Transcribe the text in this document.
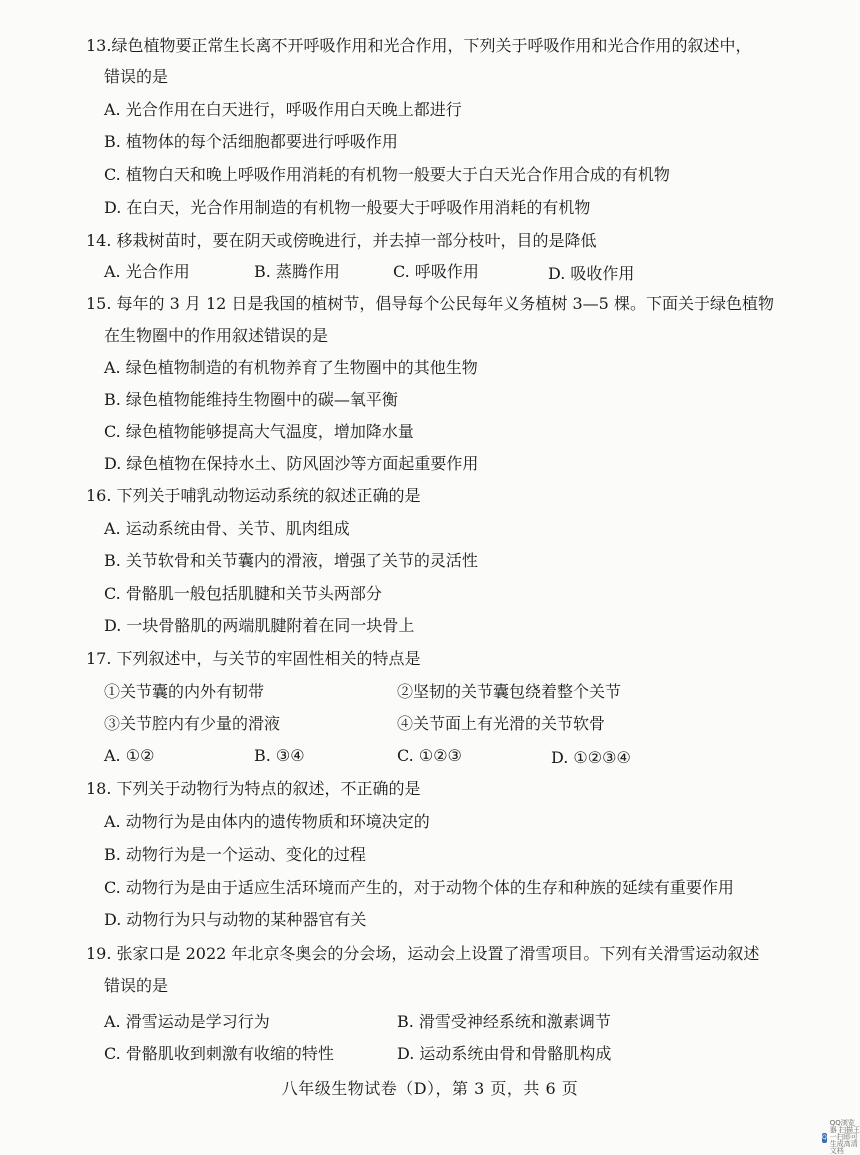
13.绿色植物要正常生长离不开呼吸作用和光合作用，下列关于呼吸作用和光合作用的叙述中，
错误的是
A. 光合作用在白天进行，呼吸作用白天晚上都进行
B. 植物体的每个活细胞都要进行呼吸作用
C. 植物白天和晚上呼吸作用消耗的有机物一般要大于白天光合作用合成的有机物
D. 在白天，光合作用制造的有机物一般要大于呼吸作用消耗的有机物
14. 移栽树苗时，要在阴天或傍晚进行，并去掉一部分枝叶，目的是降低
A. 光合作用	B. 蒸腾作用	C. 呼吸作用	D. 吸收作用
15. 每年的 3 月 12 日是我国的植树节，倡导每个公民每年义务植树 3—5 棵。下面关于绿色植物
在生物圈中的作用叙述错误的是
A. 绿色植物制造的有机物养育了生物圈中的其他生物
B. 绿色植物能维持生物圈中的碳—氧平衡
C. 绿色植物能够提高大气温度，增加降水量
D. 绿色植物在保持水土、防风固沙等方面起重要作用
16. 下列关于哺乳动物运动系统的叙述正确的是
A. 运动系统由骨、关节、肌肉组成
B. 关节软骨和关节囊内的滑液，增强了关节的灵活性
C. 骨骼肌一般包括肌腱和关节头两部分
D. 一块骨骼肌的两端肌腱附着在同一块骨上
17. 下列叙述中，与关节的牢固性相关的特点是
①关节囊的内外有韧带	②坚韧的关节囊包绕着整个关节
③关节腔内有少量的滑液	④关节面上有光滑的关节软骨
A. ①②	B. ③④	C. ①②③	D. ①②③④
18. 下列关于动物行为特点的叙述，不正确的是
A. 动物行为是由体内的遗传物质和环境决定的
B. 动物行为是一个运动、变化的过程
C. 动物行为是由于适应生活环境而产生的，对于动物个体的生存和种族的延续有重要作用
D. 动物行为只与动物的某种器官有关
19. 张家口是 2022 年北京冬奥会的分会场，运动会上设置了滑雪项目。下列有关滑雪运动叙述
错误的是
A. 滑雪运动是学习行为	B. 滑雪受神经系统和激素调节
C. 骨骼肌收到刺激有收缩的特性	D. 运动系统由骨和骨骼肌构成
八年级生物试卷（D），第 3 页，共 6 页
Q
QQ浏览器 扫描王
一扫即可生成高清文档
